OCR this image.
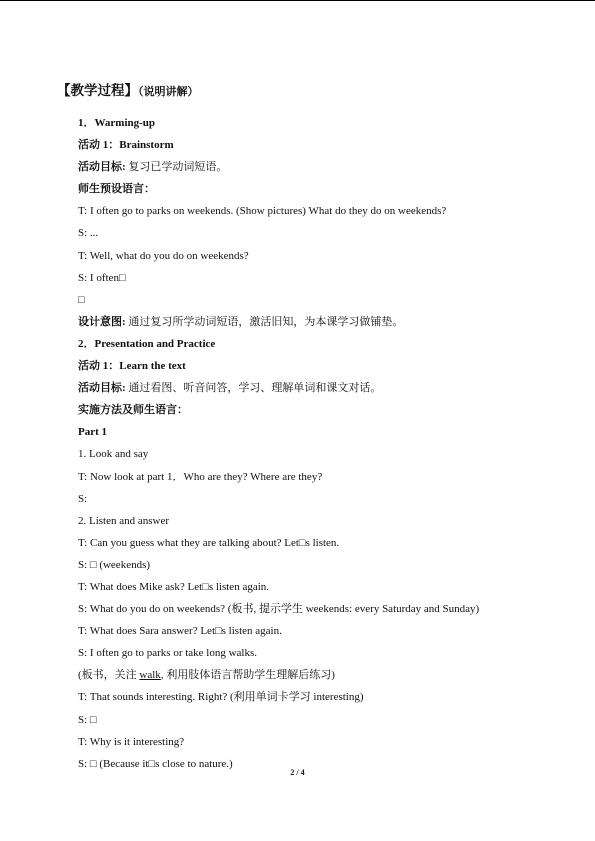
【教学过程】（说明讲解）
1．Warming-up
活动 1：Brainstorm
活动目标: 复习已学动词短语。
师生预设语言：
T: I often go to parks on weekends. (Show pictures) What do they do on weekends?
S: ...
T: Well, what do you do on weekends?
S: I often□
□
设计意图: 通过复习所学动词短语，激活旧知，为本课学习做铺垫。
2．Presentation and Practice
活动 1：Learn the text
活动目标: 通过看图、听音问答，学习、理解单词和课文对话。
实施方法及师生语言：
Part 1
1. Look and say
T: Now look at part 1．Who are they? Where are they?
S:
2. Listen and answer
T: Can you guess what they are talking about? Let□s listen.
S: □ (weekends)
T: What does Mike ask? Let□s listen again.
S: What do you do on weekends? (板书, 提示学生 weekends: every Saturday and Sunday)
T: What does Sara answer? Let□s listen again.
S: I often go to parks or take long walks.
(板书，关注 walk, 利用肢体语言帮助学生理解后练习)
T: That sounds interesting. Right? (利用单词卡学习 interesting)
S: □
T: Why is it interesting?
S: □ (Because it□s close to nature.)
2 / 4
